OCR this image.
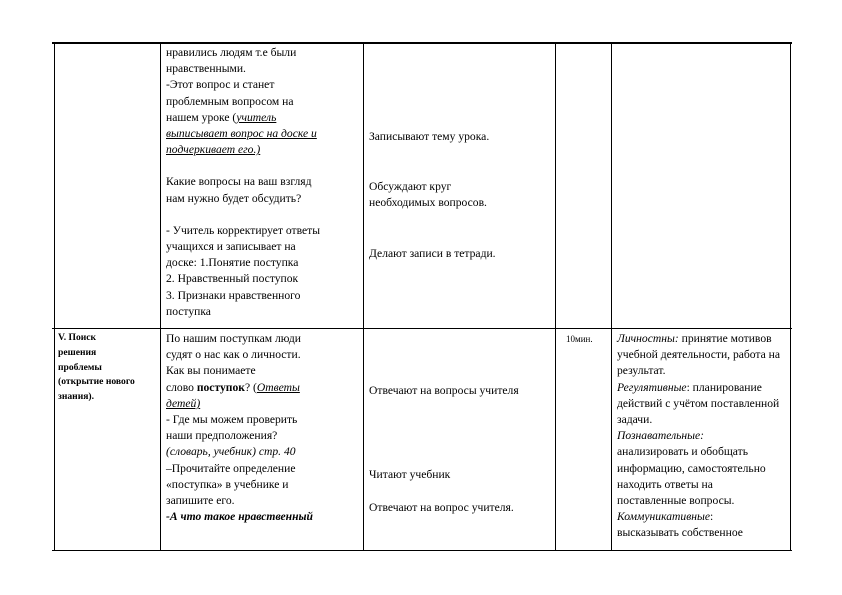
нравились людям т.е были

нравственными.

-Этот вопрос и станет

проблемным вопросом на

нашем уроке (учитель

выписывает вопрос на доске и

подчеркивает его.)

Какие вопросы на ваш взгляд

нам нужно будет обсудить?

- Учитель корректирует ответы

учащихся и записывает на

доске: 1.Понятие поступка

2. Нравственный поступок

3. Признаки нравственного

поступка

Записывают тему урока.
Обсуждают круг
необходимых вопросов.
Делают записи в тетради.

V. Поиск

решения

проблемы

(открытие нового

знания).

По нашим поступкам люди

судят о нас как о личности.

Как вы понимаете

слово поступок? (Ответы

детей)

- Где мы можем проверить

наши предположения?

(словарь, учебник) стр. 40

–Прочитайте определение

«поступка» в учебнике и

запишите его.

-А что такое нравственный

Отвечают на вопросы учителя
Читают учебник
Отвечают на вопрос учителя.
10мин.	Личностны: принятие мотивов

учебной деятельности, работа на

результат.

Регулятивные: планирование

действий с учётом поставленной

задачи.

Познавательные:

анализировать и обобщать

информацию, самостоятельно

находить ответы на

поставленные вопросы.

Коммуникативные:

высказывать собственное
